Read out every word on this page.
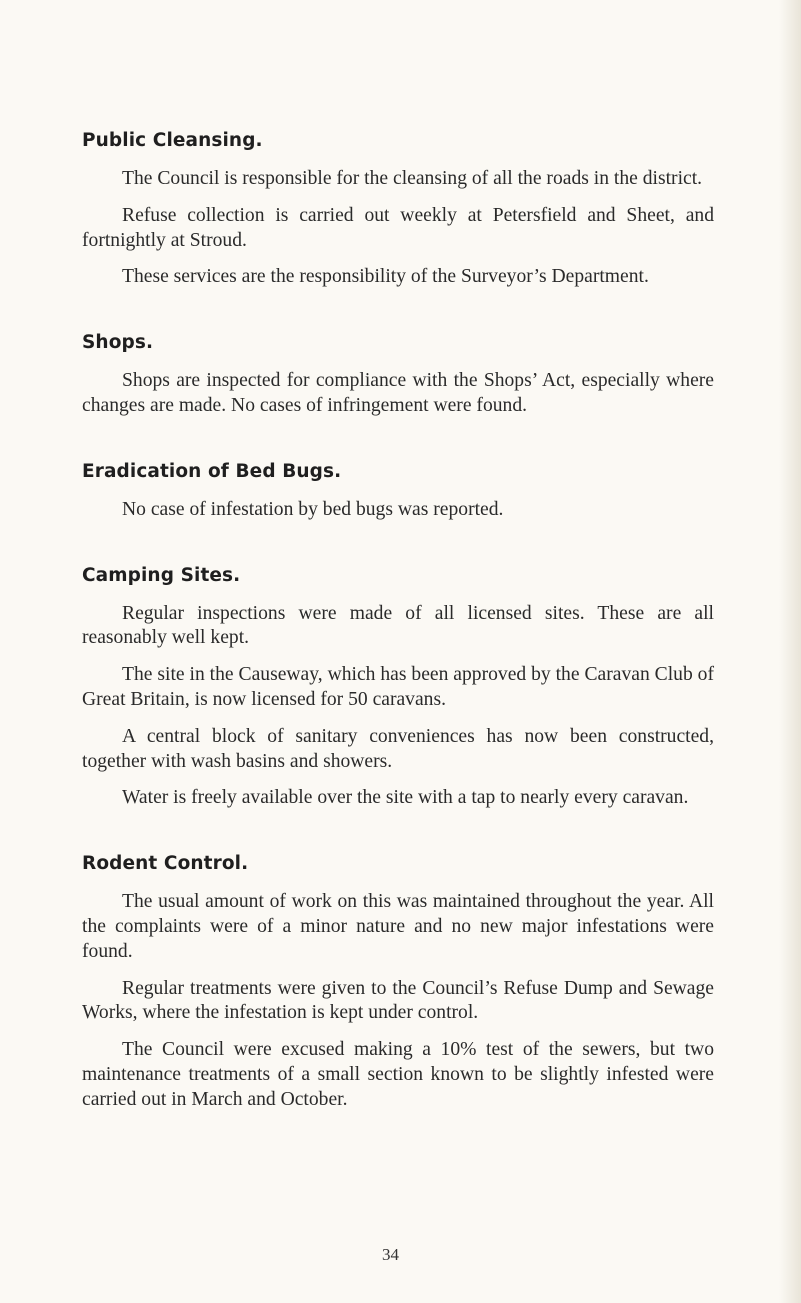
Public Cleansing.

The Council is responsible for the cleansing of all the roads in the district.

Refuse collection is carried out weekly at Petersfield and Sheet, and fortnightly at Stroud.

These services are the responsibility of the Surveyor’s Department.

Shops.

Shops are inspected for compliance with the Shops’ Act, especially where changes are made. No cases of infringement were found.

Eradication of Bed Bugs.

No case of infestation by bed bugs was reported.

Camping Sites.

Regular inspections were made of all licensed sites. These are all reasonably well kept.

The site in the Causeway, which has been approved by the Caravan Club of Great Britain, is now licensed for 50 caravans.

A central block of sanitary conveniences has now been constructed, together with wash basins and showers.

Water is freely available over the site with a tap to nearly every caravan.

Rodent Control.

The usual amount of work on this was maintained throughout the year. All the complaints were of a minor nature and no new major infestations were found.

Regular treatments were given to the Council’s Refuse Dump and Sewage Works, where the infestation is kept under control.

The Council were excused making a 10% test of the sewers, but two maintenance treatments of a small section known to be slightly infested were carried out in March and October.

34
